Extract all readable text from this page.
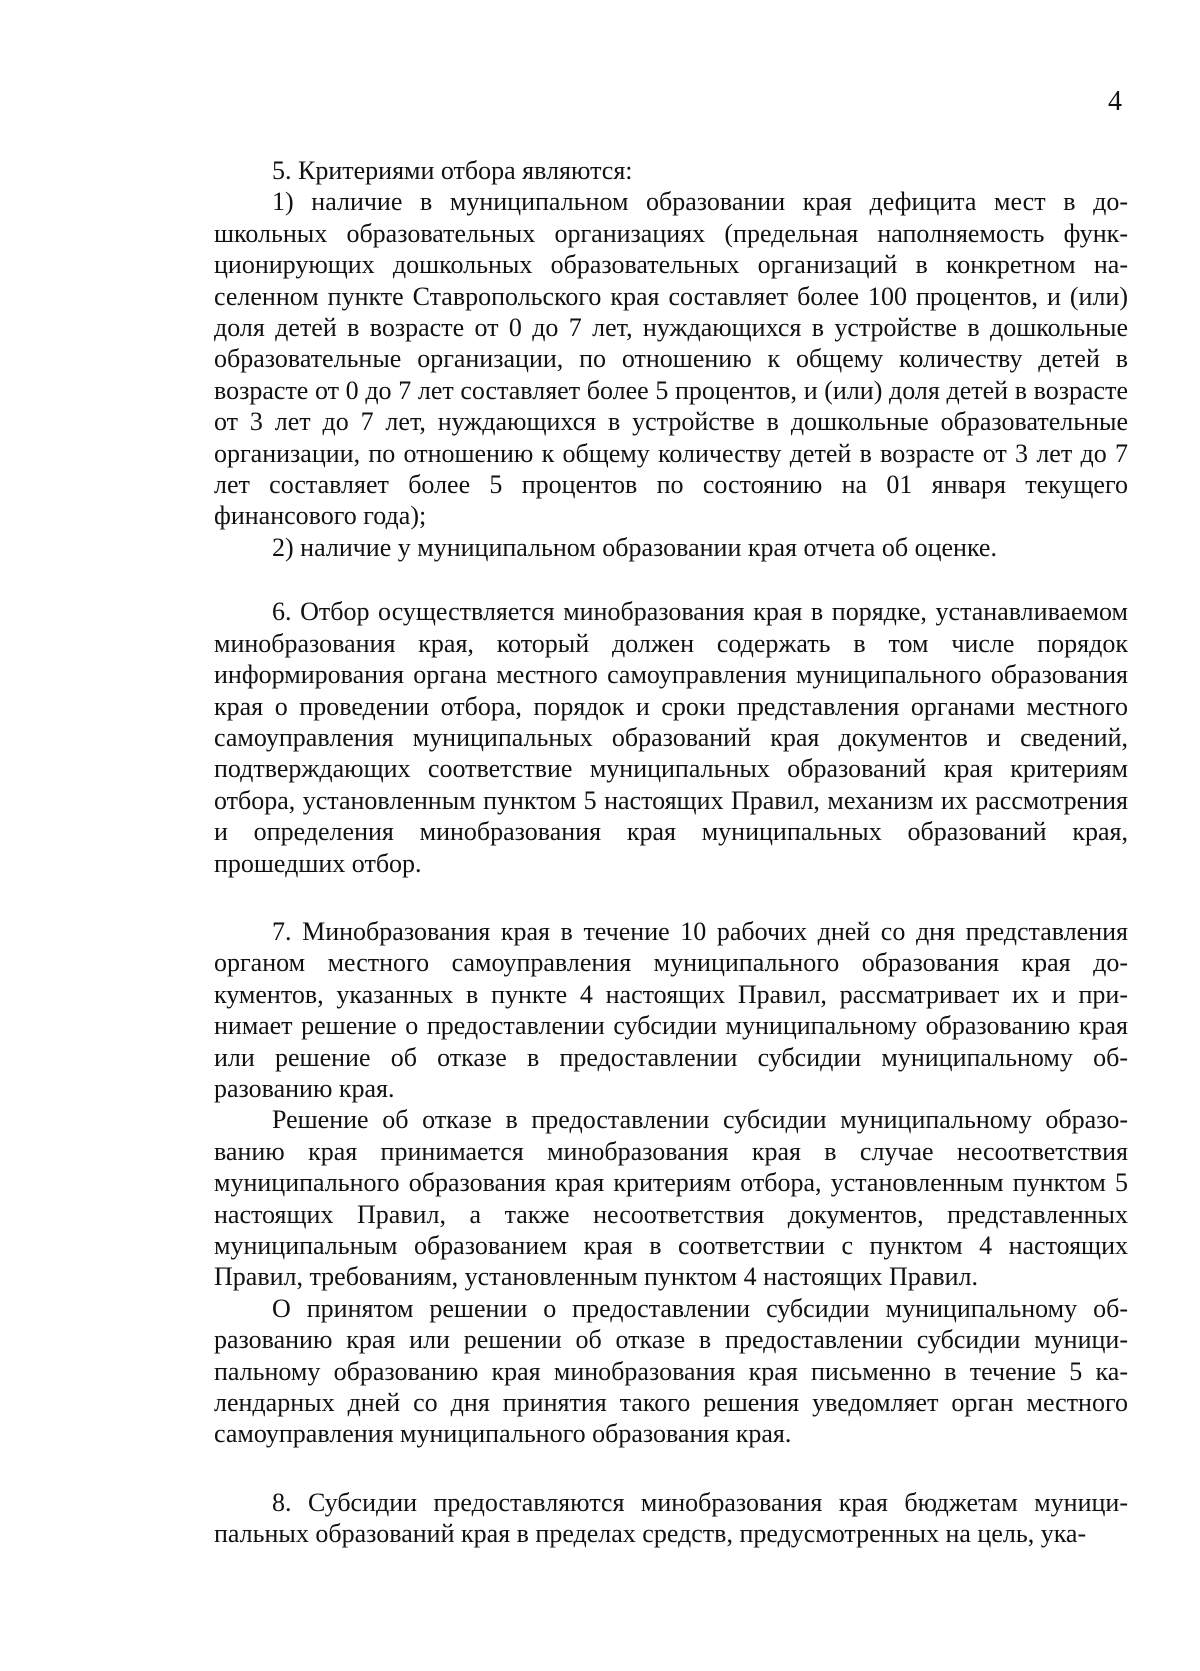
4

5. Критериями отбора являются:

1) наличие в муниципальном образовании края дефицита мест в дошкольных образовательных организациях (предельная наполняемость функционирующих дошкольных образовательных организаций в конкретном населенном пункте Ставропольского края составляет более 100 процентов, и (или) доля детей в возрасте от 0 до 7 лет, нуждающихся в устройстве в дошкольные образовательные организации, по отношению к общему количеству детей в возрасте от 0 до 7 лет составляет более 5 процентов, и (или) доля детей в возрасте от 3 лет до 7 лет, нуждающихся в устройстве в дошкольные образовательные организации, по отношению к общему количеству детей в возрасте от 3 лет до 7 лет составляет более 5 процентов по состоянию на 01 января текущего финансового года);

2) наличие у муниципальном образовании края отчета об оценке.

6. Отбор осуществляется минобразования края в порядке, устанавливаемом минобразования края, который должен содержать в том числе порядок информирования органа местного самоуправления муниципального образования края о проведении отбора, порядок и сроки представления органами местного самоуправления муниципальных образований края документов и сведений, подтверждающих соответствие муниципальных образований края критериям отбора, установленным пунктом 5 настоящих Правил, механизм их рассмотрения и определения минобразования края муниципальных образований края, прошедших отбор.

7. Минобразования края в течение 10 рабочих дней со дня представления органом местного самоуправления муниципального образования края документов, указанных в пункте 4 настоящих Правил, рассматривает их и принимает решение о предоставлении субсидии муниципальному образованию края или решение об отказе в предоставлении субсидии муниципальному образованию края.

Решение об отказе в предоставлении субсидии муниципальному образованию края принимается минобразования края в случае несоответствия муниципального образования края критериям отбора, установленным пунктом 5 настоящих Правил, а также несоответствия документов, представленных муниципальным образованием края в соответствии с пунктом 4 настоящих Правил, требованиям, установленным пунктом 4 настоящих Правил.

О принятом решении о предоставлении субсидии муниципальному образованию края или решении об отказе в предоставлении субсидии муниципальному образованию края минобразования края письменно в течение 5 календарных дней со дня принятия такого решения уведомляет орган местного самоуправления муниципального образования края.

8. Субсидии предоставляются минобразования края бюджетам муниципальных образований края в пределах средств, предусмотренных на цель, ука-
